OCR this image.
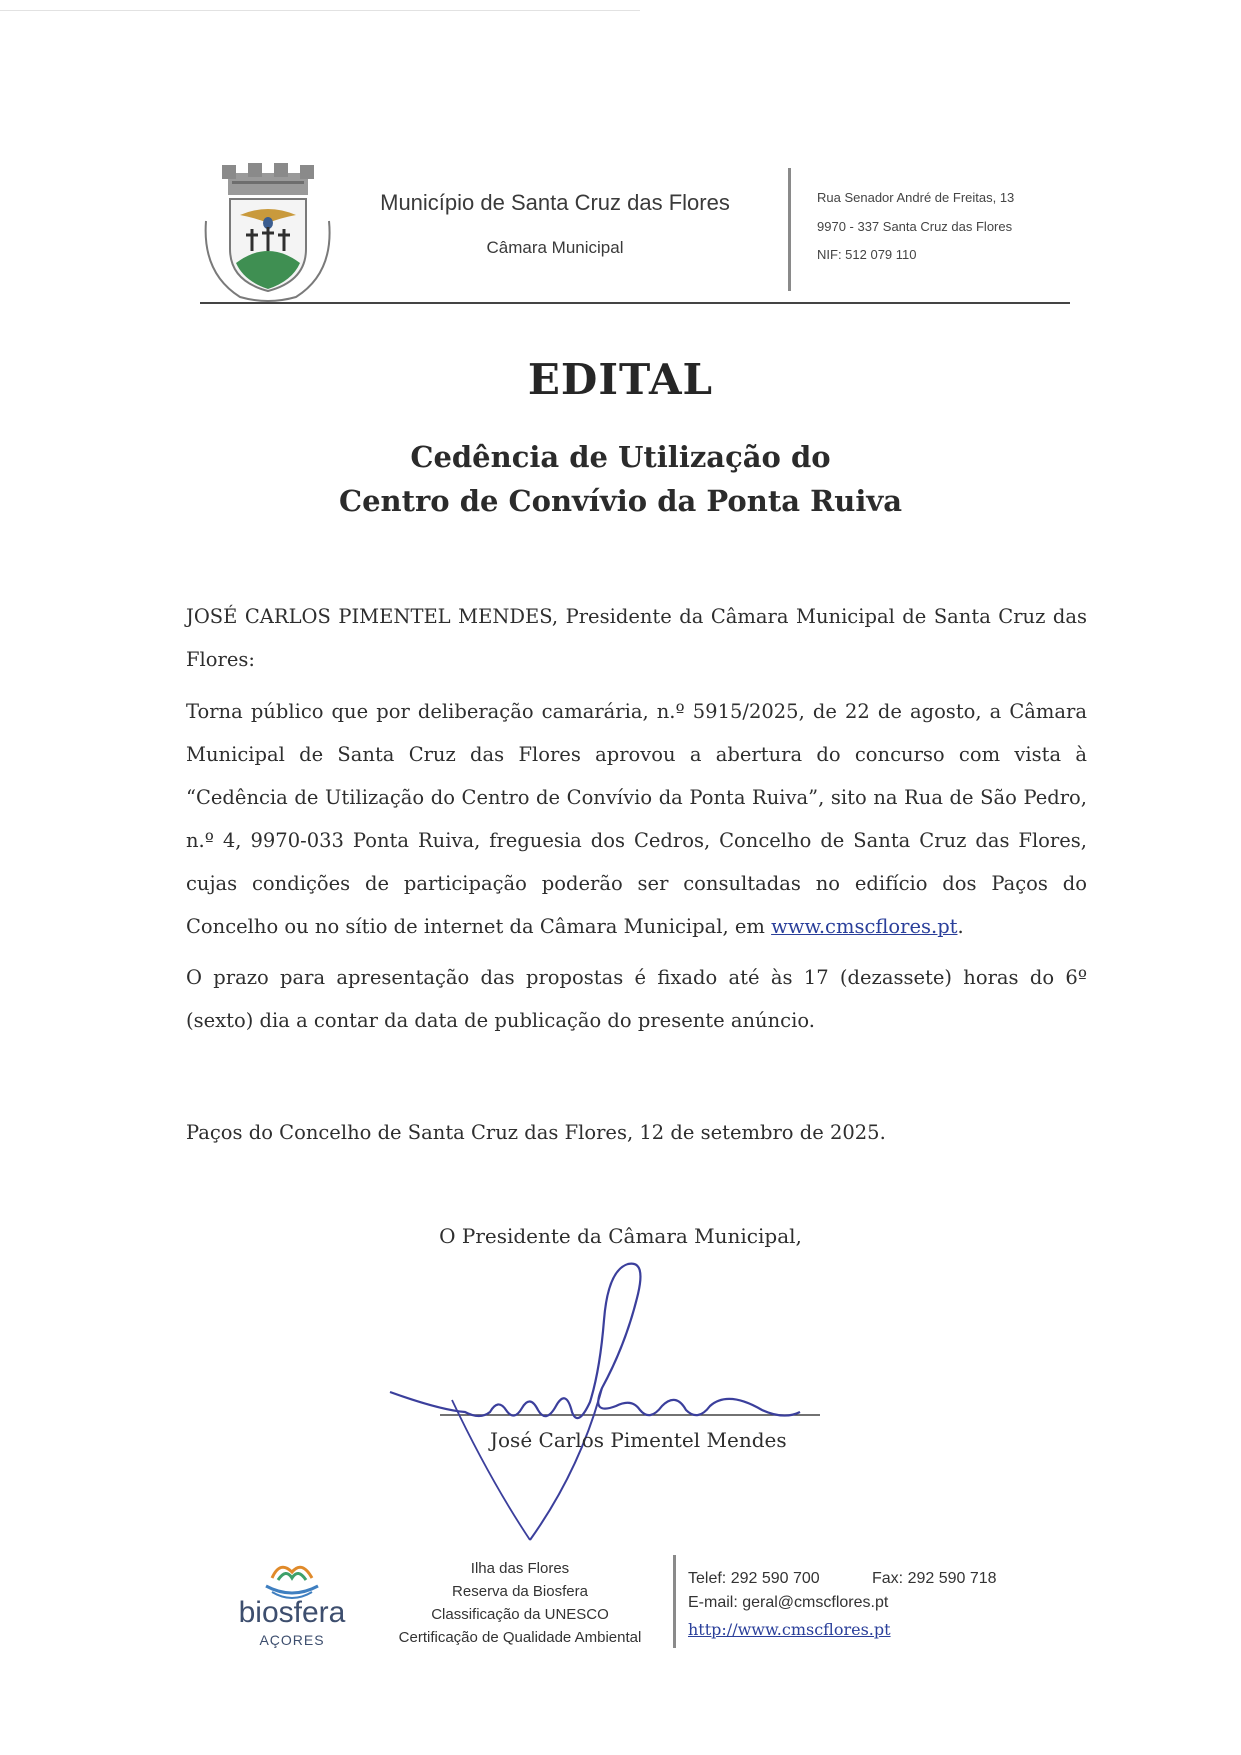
Município de Santa Cruz das Flores
Câmara Municipal
Rua Senador André de Freitas, 13
9970 - 337 Santa Cruz das Flores
NIF: 512 079 110
EDITAL
Cedência de Utilização do
Centro de Convívio da Ponta Ruiva
JOSÉ CARLOS PIMENTEL MENDES, Presidente da Câmara Municipal de Santa Cruz das Flores:
Torna público que por deliberação camarária, n.º 5915/2025, de 22 de agosto, a Câmara Municipal de Santa Cruz das Flores aprovou a abertura do concurso com vista à “Cedência de Utilização do Centro de Convívio da Ponta Ruiva”, sito na Rua de São Pedro, n.º 4, 9970-033 Ponta Ruiva, freguesia dos Cedros, Concelho de Santa Cruz das Flores, cujas condições de participação poderão ser consultadas no edifício dos Paços do Concelho ou no sítio de internet da Câmara Municipal, em www.cmscflores.pt.
O prazo para apresentação das propostas é fixado até às 17 (dezassete) horas do 6º (sexto) dia a contar da data de publicação do presente anúncio.
Paços do Concelho de Santa Cruz das Flores, 12 de setembro de 2025.
O Presidente da Câmara Municipal,
José Carlos Pimentel Mendes
biosfera
AÇORES
Ilha das Flores
Reserva da Biosfera
Classificação da UNESCO
Certificação de Qualidade Ambiental
Telef: 292 590 700	Fax: 292 590 718
E-mail: geral@cmscflores.pt
http://www.cmscflores.pt
